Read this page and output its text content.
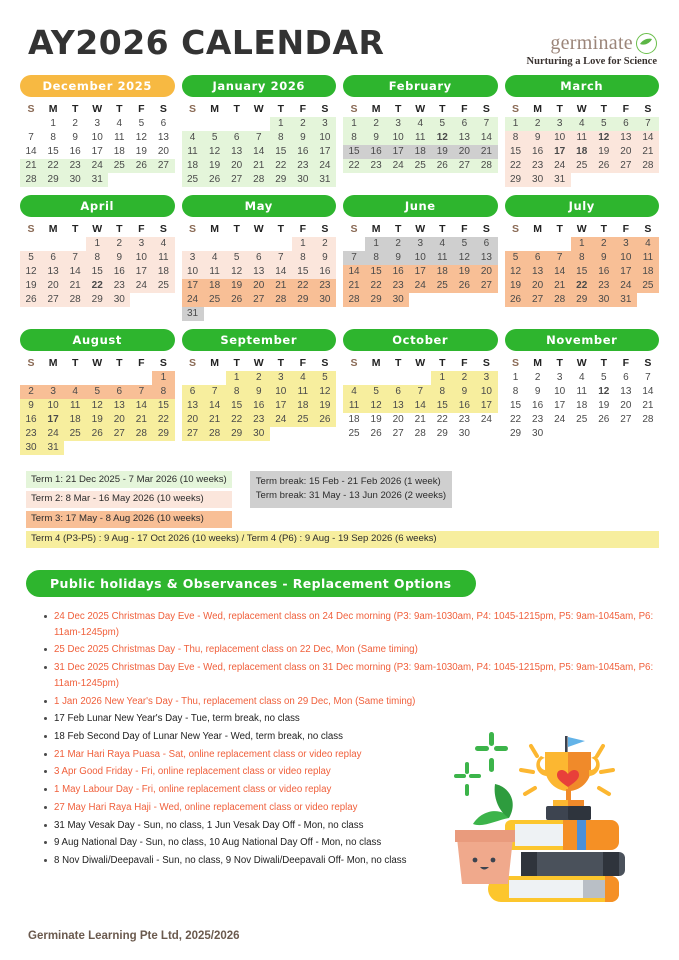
AY2026 CALENDAR	germinate
Nurturing a Love for Science
December 2025
S	M	T	W	T	F	S
	1	2	3	4	5	6
7	8	9	10	11	12	13
14	15	16	17	18	19	20
21	22	23	24	25	26	27
28	29	30	31			
January 2026
S	M	T	W	T	F	S
				1	2	3
4	5	6	7	8	9	10
11	12	13	14	15	16	17
18	19	20	21	22	23	24
25	26	27	28	29	30	31
February
S	M	T	W	T	F	S
1	2	3	4	5	6	7
8	9	10	11	12	13	14
15	16	17	18	19	20	21
22	23	24	25	26	27	28
March
S	M	T	W	T	F	S
1	2	3	4	5	6	7
8	9	10	11	12	13	14
15	16	17	18	19	20	21
22	23	24	25	26	27	28
29	30	31				
April
S	M	T	W	T	F	S
			1	2	3	4
5	6	7	8	9	10	11
12	13	14	15	16	17	18
19	20	21	22	23	24	25
26	27	28	29	30		
May
S	M	T	W	T	F	S
					1	2
3	4	5	6	7	8	9
10	11	12	13	14	15	16
17	18	19	20	21	22	23
24	25	26	27	28	29	30
31						
June
S	M	T	W	T	F	S
	1	2	3	4	5	6
7	8	9	10	11	12	13
14	15	16	17	18	19	20
21	22	23	24	25	26	27
28	29	30				
July
S	M	T	W	T	F	S
			1	2	3	4
5	6	7	8	9	10	11
12	13	14	15	16	17	18
19	20	21	22	23	24	25
26	27	28	29	30	31	
August
S	M	T	W	T	F	S
						1
2	3	4	5	6	7	8
9	10	11	12	13	14	15
16	17	18	19	20	21	22
23	24	25	26	27	28	29
30	31					
September
S	M	T	W	T	F	S
		1	2	3	4	5
6	7	8	9	10	11	12
13	14	15	16	17	18	19
20	21	22	23	24	25	26
27	28	29	30			
October
S	M	T	W	T	F	S
				1	2	3
4	5	6	7	8	9	10
11	12	13	14	15	16	17
18	19	20	21	22	23	24
25	26	27	28	29	30	
November
S	M	T	W	T	F	S
1	2	3	4	5	6	7
8	9	10	11	12	13	14
15	16	17	18	19	20	21
22	23	24	25	26	27	28
29	30					
Term 1: 21 Dec 2025 - 7 Mar 2026 (10 weeks)
Term 2: 8 Mar - 16 May 2026 (10 weeks)
Term 3: 17 May - 8 Aug 2026 (10 weeks)
Term break: 15 Feb - 21 Feb 2026 (1 week)
Term break: 31 May - 13 Jun 2026 (2 weeks)
Term 4 (P3-P5) : 9 Aug - 17 Oct 2026 (10 weeks) / Term 4 (P6) : 9 Aug - 19 Sep 2026 (6 weeks)
Public holidays & Observances - Replacement Options
24 Dec 2025 Christmas Day Eve - Wed, replacement class on 24 Dec morning (P3: 9am-1030am, P4: 1045-1215pm, P5: 9am-1045am, P6: 11am-1245pm)
25 Dec 2025 Christmas Day - Thu, replacement class on 22 Dec, Mon (Same timing)
31 Dec 2025 Christmas Day Eve - Wed, replacement class on 31 Dec morning (P3: 9am-1030am, P4: 1045-1215pm, P5: 9am-1045am, P6: 11am-1245pm)
1 Jan 2026 New Year's Day - Thu, replacement class on 29 Dec, Mon (Same timing)
17 Feb Lunar New Year's Day - Tue, term break, no class
18 Feb Second Day of Lunar New Year - Wed, term break, no class
21 Mar Hari Raya Puasa - Sat, online replacement class or video replay
3 Apr Good Friday - Fri, online replacement class or video replay
1 May Labour Day - Fri, online replacement class or video replay
27 May Hari Raya Haji - Wed, online replacement class or video replay
31 May Vesak Day - Sun, no class, 1 Jun Vesak Day Off - Mon, no class
9 Aug National Day - Sun, no class, 10 Aug National Day Off - Mon, no class
8 Nov Diwali/Deepavali - Sun, no class, 9 Nov Diwali/Deepavali Off- Mon, no class
Germinate Learning Pte Ltd, 2025/2026
